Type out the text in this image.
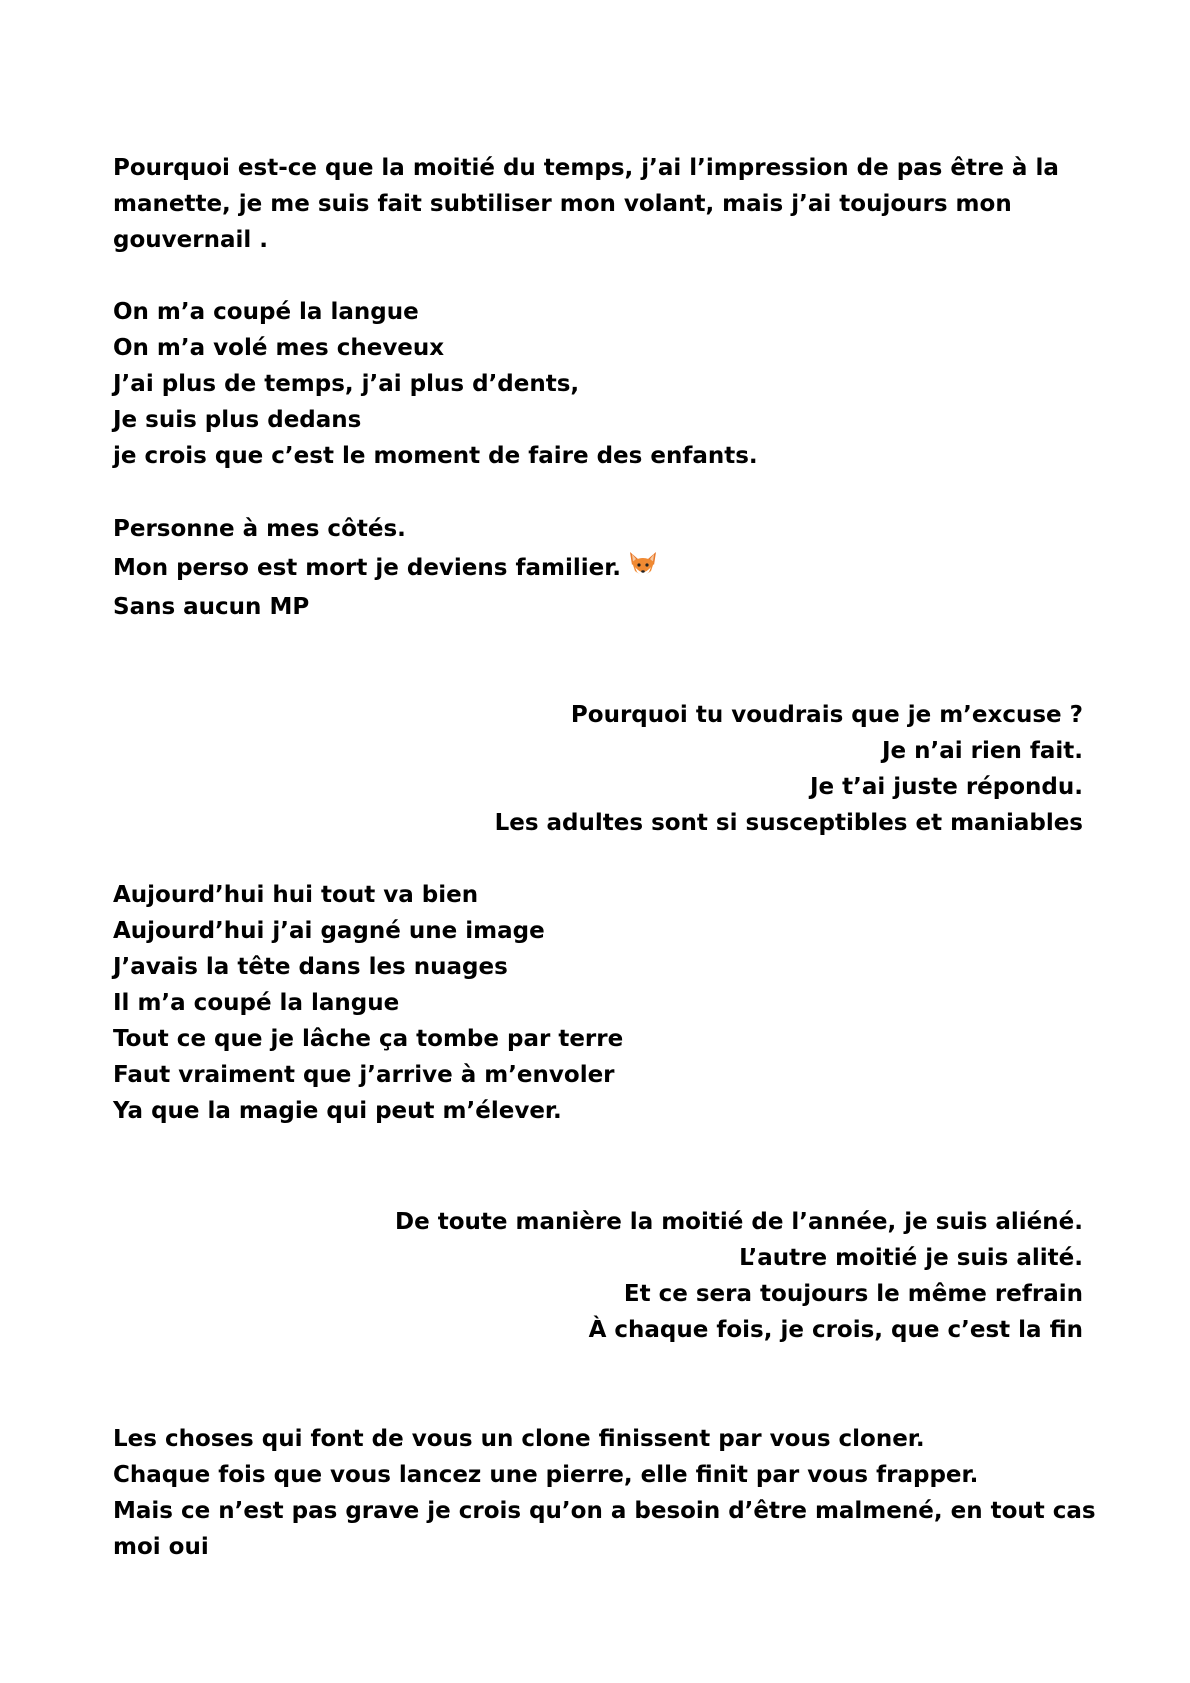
Pourquoi est-ce que la moitié du temps, j’ai l’impression de pas être à la
manette, je me suis fait subtiliser mon volant, mais j’ai toujours mon
gouvernail .
On m’a coupé la langue
On m’a volé mes cheveux
J’ai plus de temps, j’ai plus d’dents,
Je suis plus dedans
je crois que c’est le moment de faire des enfants.
Personne à mes côtés.
Mon perso est mort je deviens familier.
Sans aucun MP
Pourquoi tu voudrais que je m’excuse ?
Je n’ai rien fait.
Je t’ai juste répondu.
Les adultes sont si susceptibles et maniables
Aujourd’hui hui tout va bien
Aujourd’hui j’ai gagné une image
J’avais la tête dans les nuages
Il m’a coupé la langue
Tout ce que je lâche ça tombe par terre
Faut vraiment que j’arrive à m’envoler
Ya que la magie qui peut m’élever.
De toute manière la moitié de l’année, je suis aliéné.
L’autre moitié je suis alité.
Et ce sera toujours le même refrain
À chaque fois, je crois, que c’est la fin
Les choses qui font de vous un clone finissent par vous cloner.
Chaque fois que vous lancez une pierre, elle finit par vous frapper.
Mais ce n’est pas grave je crois qu’on a besoin d’être malmené, en tout cas
moi oui
